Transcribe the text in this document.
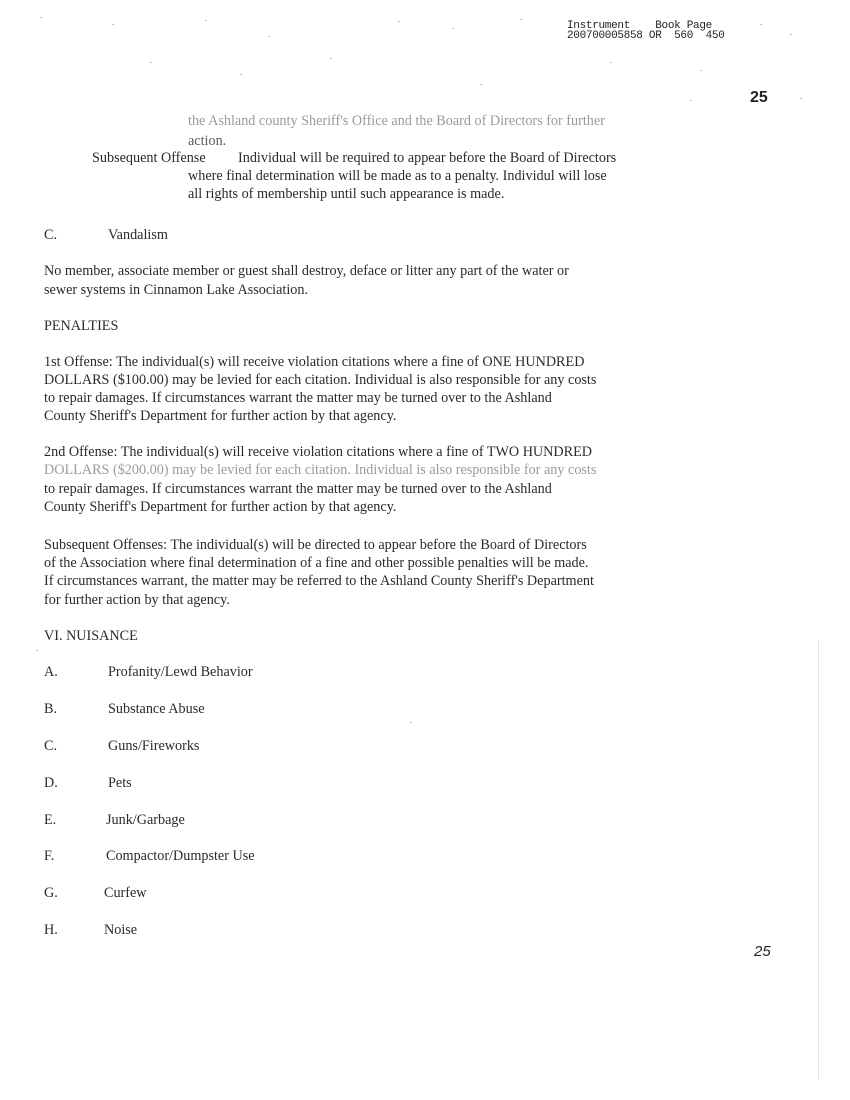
Instrument    Book Page
200700005858 OR  560  450
25
the Ashland county Sheriff's Office and the Board of Directors for further
action.
Subsequent Offense Individual will be required to appear before the Board of Directors
where final determination will be made as to a penalty. Individul will lose
all rights of membership until such appearance is made.
C.	Vandalism
No member, associate member or guest shall destroy, deface or litter any part of the water or
sewer systems in Cinnamon Lake Association.
PENALTIES
1st Offense: The individual(s) will receive violation citations where a fine of ONE HUNDRED
DOLLARS ($100.00) may be levied for each citation. Individual is also responsible for any costs
to repair damages. If circumstances warrant the matter may be turned over to the Ashland
County Sheriff's Department for further action by that agency.
2nd Offense: The individual(s) will receive violation citations where a fine of TWO HUNDRED
DOLLARS ($200.00) may be levied for each citation. Individual is also responsible for any costs
to repair damages. If circumstances warrant the matter may be turned over to the Ashland
County Sheriff's Department for further action by that agency.
Subsequent Offenses: The individual(s) will be directed to appear before the Board of Directors
of the Association where final determination of a fine and other possible penalties will be made.
If circumstances warrant, the matter may be referred to the Ashland County Sheriff's Department
for further action by that agency.
VI. NUISANCE
A.	Profanity/Lewd Behavior
B.	Substance Abuse
C.	Guns/Fireworks
D.	Pets
E.	Junk/Garbage
F.	Compactor/Dumpster Use
G.	Curfew
H.	Noise
25
